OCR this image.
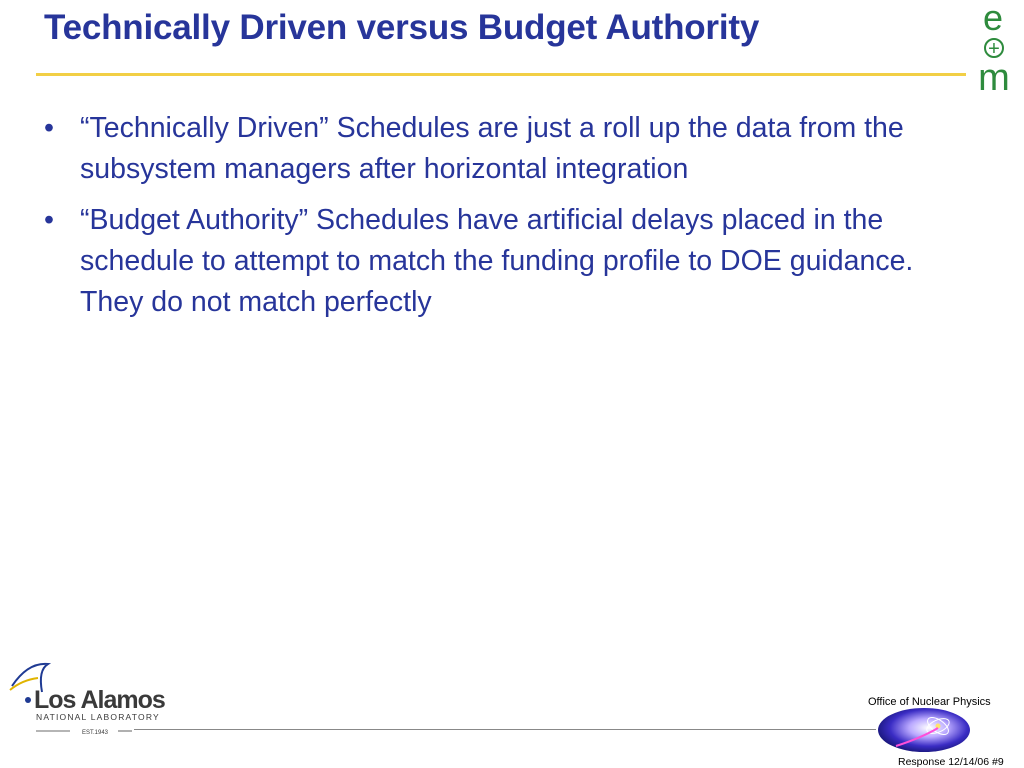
Technically Driven versus Budget Authority	e
+
m
• “Technically Driven” Schedules are just a roll up the data from the subsystem managers after horizontal integration
• “Budget Authority” Schedules have artificial delays placed in the schedule to attempt to match the funding profile to DOE guidance. They do not match perfectly
Los Alamos
NATIONAL LABORATORY
EST.1943
Office of Nuclear Physics
Response 12/14/06 #9
